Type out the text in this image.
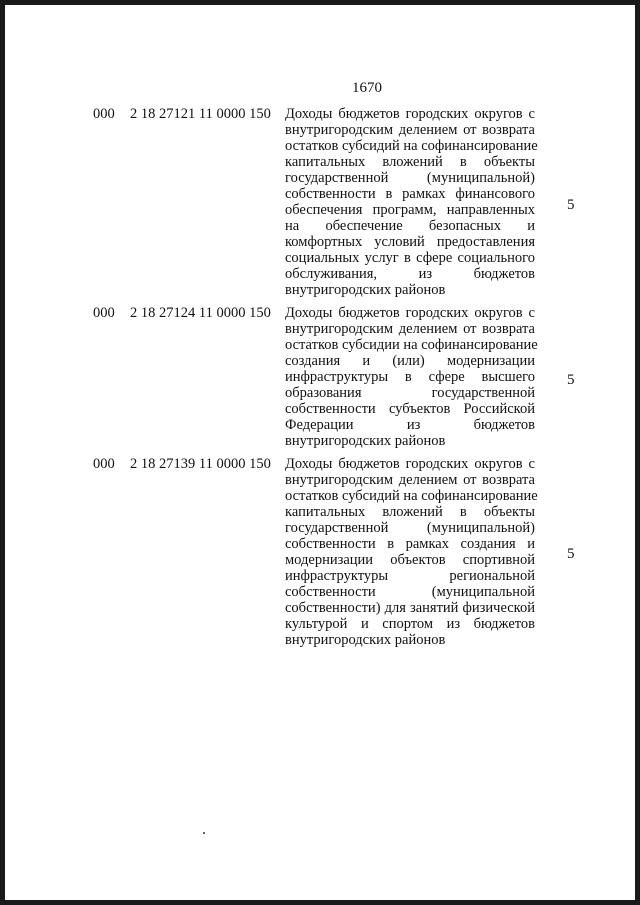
1670
000 2 18 27121 11 0000 150 Доходы бюджетов городских округов с
внутригородским делением от возврата
остатков субсидий на софинансирование
капитальных вложений в объекты
государственной (муниципальной)
собственности в рамках финансового
обеспечения программ, направленных
на обеспечение безопасных и
комфортных условий предоставления
социальных услуг в сфере социального
обслуживания, из бюджетов
внутригородских районов
5
000 2 18 27124 11 0000 150 Доходы бюджетов городских округов с
внутригородским делением от возврата
остатков субсидии на софинансирование
создания и (или) модернизации
инфраструктуры в сфере высшего
образования государственной
собственности субъектов Российской
Федерации из бюджетов
внутригородских районов
5
000 2 18 27139 11 0000 150 Доходы бюджетов городских округов с
внутригородским делением от возврата
остатков субсидий на софинансирование
капитальных вложений в объекты
государственной (муниципальной)
собственности в рамках создания и
модернизации объектов спортивной
инфраструктуры региональной
собственности (муниципальной
собственности) для занятий физической
культурой и спортом из бюджетов
внутригородских районов
5
